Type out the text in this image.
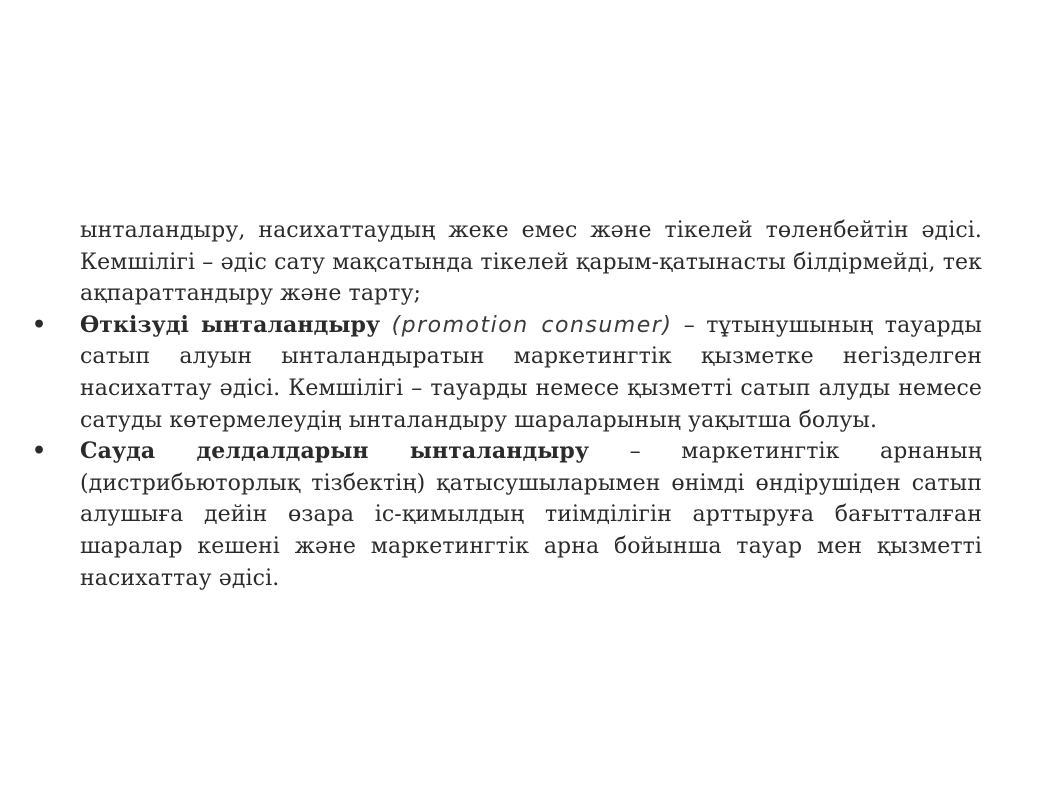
ынталандыру, насихаттаудың жеке емес және тікелей төленбейтін әдісі. Кемшілігі – әдіс сату мақсатында тікелей қарым-қатынасты білдірмейді, тек ақпараттандыру және тарту;

• Өткізуді ынталандыру (promotion consumer) – тұтынушының тауарды сатып алуын ынталандыратын маркетингтік қызметке негізделген насихаттау әдісі. Кемшілігі – тауарды немесе қызметті сатып алуды немесе сатуды көтермелеудің ынталандыру шараларының уақытша болуы.
• Сауда делдалдарын ынталандыру – маркетингтік арнаның (дистрибьюторлық тізбектің) қатысушыларымен өнімді өндірушіден сатып алушыға дейін өзара іс-қимылдың тиімділігін арттыруға бағытталған шаралар кешені және маркетингтік арна бойынша тауар мен қызметті насихаттау әдісі.
